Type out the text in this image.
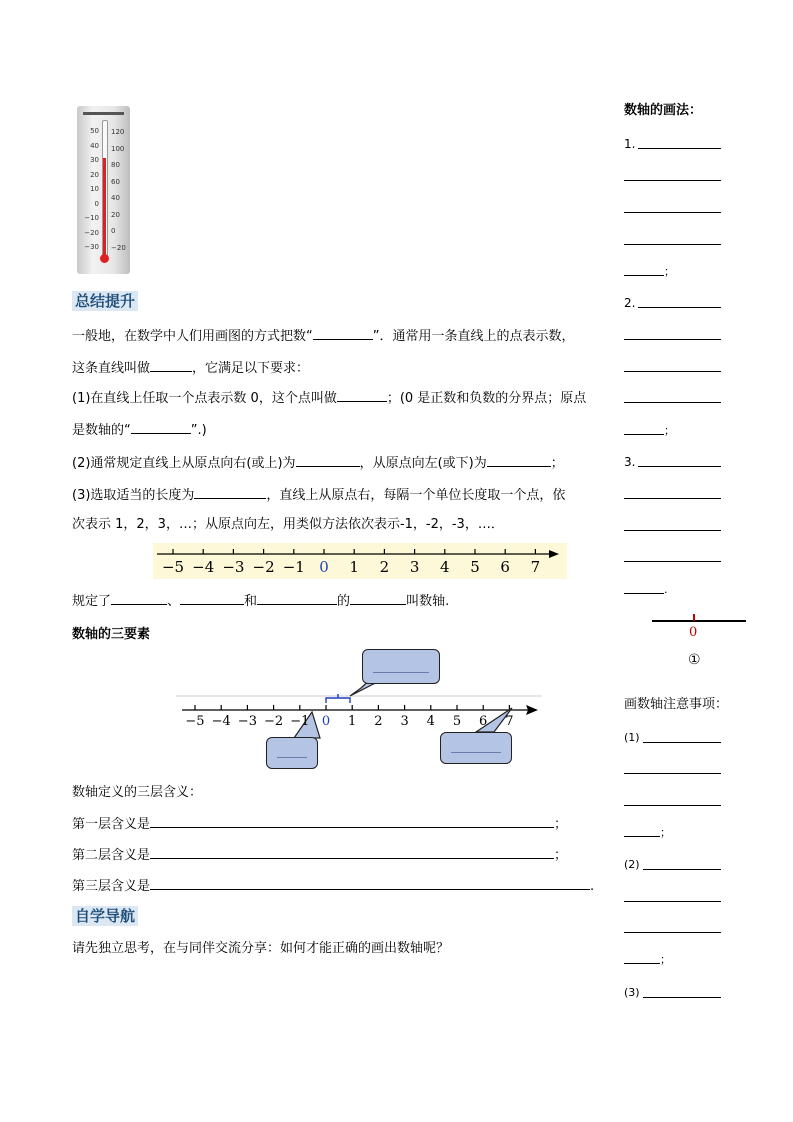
50
40
30
20
10
0
−10
−20
−30
120
100
80
60
40
20
0
−20
总结提升
一般地，在数学中人们用画图的方式把数“	”．通常用一条直线上的点表示数，
这条直线叫做	，它满足以下要求：
(1)在直线上任取一个点表示数 0，这个点叫做	；(0 是正数和负数的分界点；原点
是数轴的“	”.)
(2)通常规定直线上从原点向右(或上)为	，从原点向左(或下)为	；
(3)选取适当的长度为	，直线上从原点右，每隔一个单位长度取一个点，依
次表示 1，2，3，…；从原点向左，用类似方法依次表示-1，-2，-3，…．
−5 −4 −3 −2 −1 0	1	2	3	4	5	6	7
规定了	、	和	的	叫数轴.
数轴的三要素
−5 −4 −3 −2 −1 0	1	2	3	4	5	6	7
数轴定义的三层含义：
第一层含义是	；
第二层含义是	；
第三层含义是	.
自学导航
请先独立思考，在与同伴交流分享：如何才能正确的画出数轴呢？
数轴的画法：
1.
；
2.
；
3.
.
0
①
画数轴注意事项：
(1)
；
(2)
；
(3)
